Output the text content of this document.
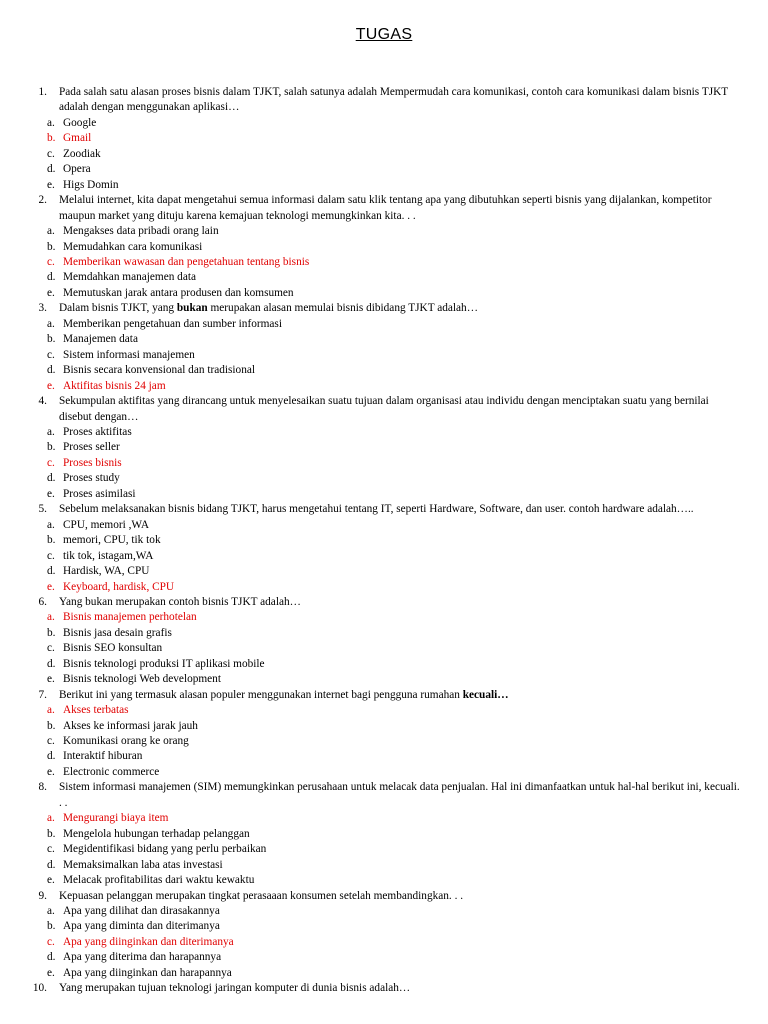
TUGAS
1. Pada salah satu alasan proses bisnis dalam TJKT, salah satunya adalah Mempermudah cara komunikasi, contoh cara komunikasi dalam bisnis TJKT adalah dengan menggunakan aplikasi…
a. Google
b. Gmail
c. Zoodiak
d. Opera
e. Higs Domin
2. Melalui internet, kita dapat mengetahui semua informasi dalam satu klik tentang apa yang dibutuhkan seperti bisnis yang dijalankan, kompetitor maupun market yang dituju karena kemajuan teknologi memungkinkan kita. . .
a. Mengakses data pribadi orang lain
b. Memudahkan cara komunikasi
c. Memberikan wawasan dan pengetahuan tentang bisnis
d. Memdahkan manajemen data
e. Memutuskan jarak antara produsen dan komsumen
3. Dalam bisnis TJKT, yang bukan merupakan alasan memulai bisnis dibidang TJKT adalah…
a. Memberikan pengetahuan dan sumber informasi
b. Manajemen data
c. Sistem informasi manajemen
d. Bisnis secara konvensional dan tradisional
e. Aktifitas bisnis 24 jam
4. Sekumpulan aktifitas yang dirancang untuk menyelesaikan suatu tujuan dalam organisasi atau individu dengan menciptakan suatu yang bernilai disebut dengan…
a. Proses aktifitas
b. Proses seller
c. Proses bisnis
d. Proses study
e. Proses asimilasi
5. Sebelum melaksanakan bisnis bidang TJKT, harus mengetahui tentang IT, seperti Hardware, Software, dan user. contoh hardware adalah…..
a. CPU, memori ,WA
b. memori, CPU, tik tok
c. tik tok, istagam,WA
d. Hardisk, WA, CPU
e. Keyboard, hardisk, CPU
6. Yang bukan merupakan contoh bisnis TJKT adalah…
a. Bisnis manajemen perhotelan
b. Bisnis jasa desain grafis
c. Bisnis SEO konsultan
d. Bisnis teknologi produksi IT aplikasi mobile
e. Bisnis teknologi Web development
7. Berikut ini yang termasuk alasan populer menggunakan internet bagi pengguna rumahan kecuali…
a. Akses terbatas
b. Akses ke informasi jarak jauh
c. Komunikasi orang ke orang
d. Interaktif hiburan
e. Electronic commerce
8. Sistem informasi manajemen (SIM) memungkinkan perusahaan untuk melacak data penjualan. Hal ini dimanfaatkan untuk hal-hal berikut ini, kecuali. . .
a. Mengurangi biaya item
b. Mengelola hubungan terhadap pelanggan
c. Megidentifikasi bidang yang perlu perbaikan
d. Memaksimalkan laba atas investasi
e. Melacak profitabilitas dari waktu kewaktu
9. Kepuasan pelanggan merupakan tingkat perasaaan konsumen setelah membandingkan. . .
a. Apa yang dilihat dan dirasakannya
b. Apa yang diminta dan diterimanya
c. Apa yang diinginkan dan diterimanya
d. Apa yang diterima dan harapannya
e. Apa yang diinginkan dan harapannya
10. Yang merupakan tujuan teknologi jaringan komputer di dunia bisnis adalah…
